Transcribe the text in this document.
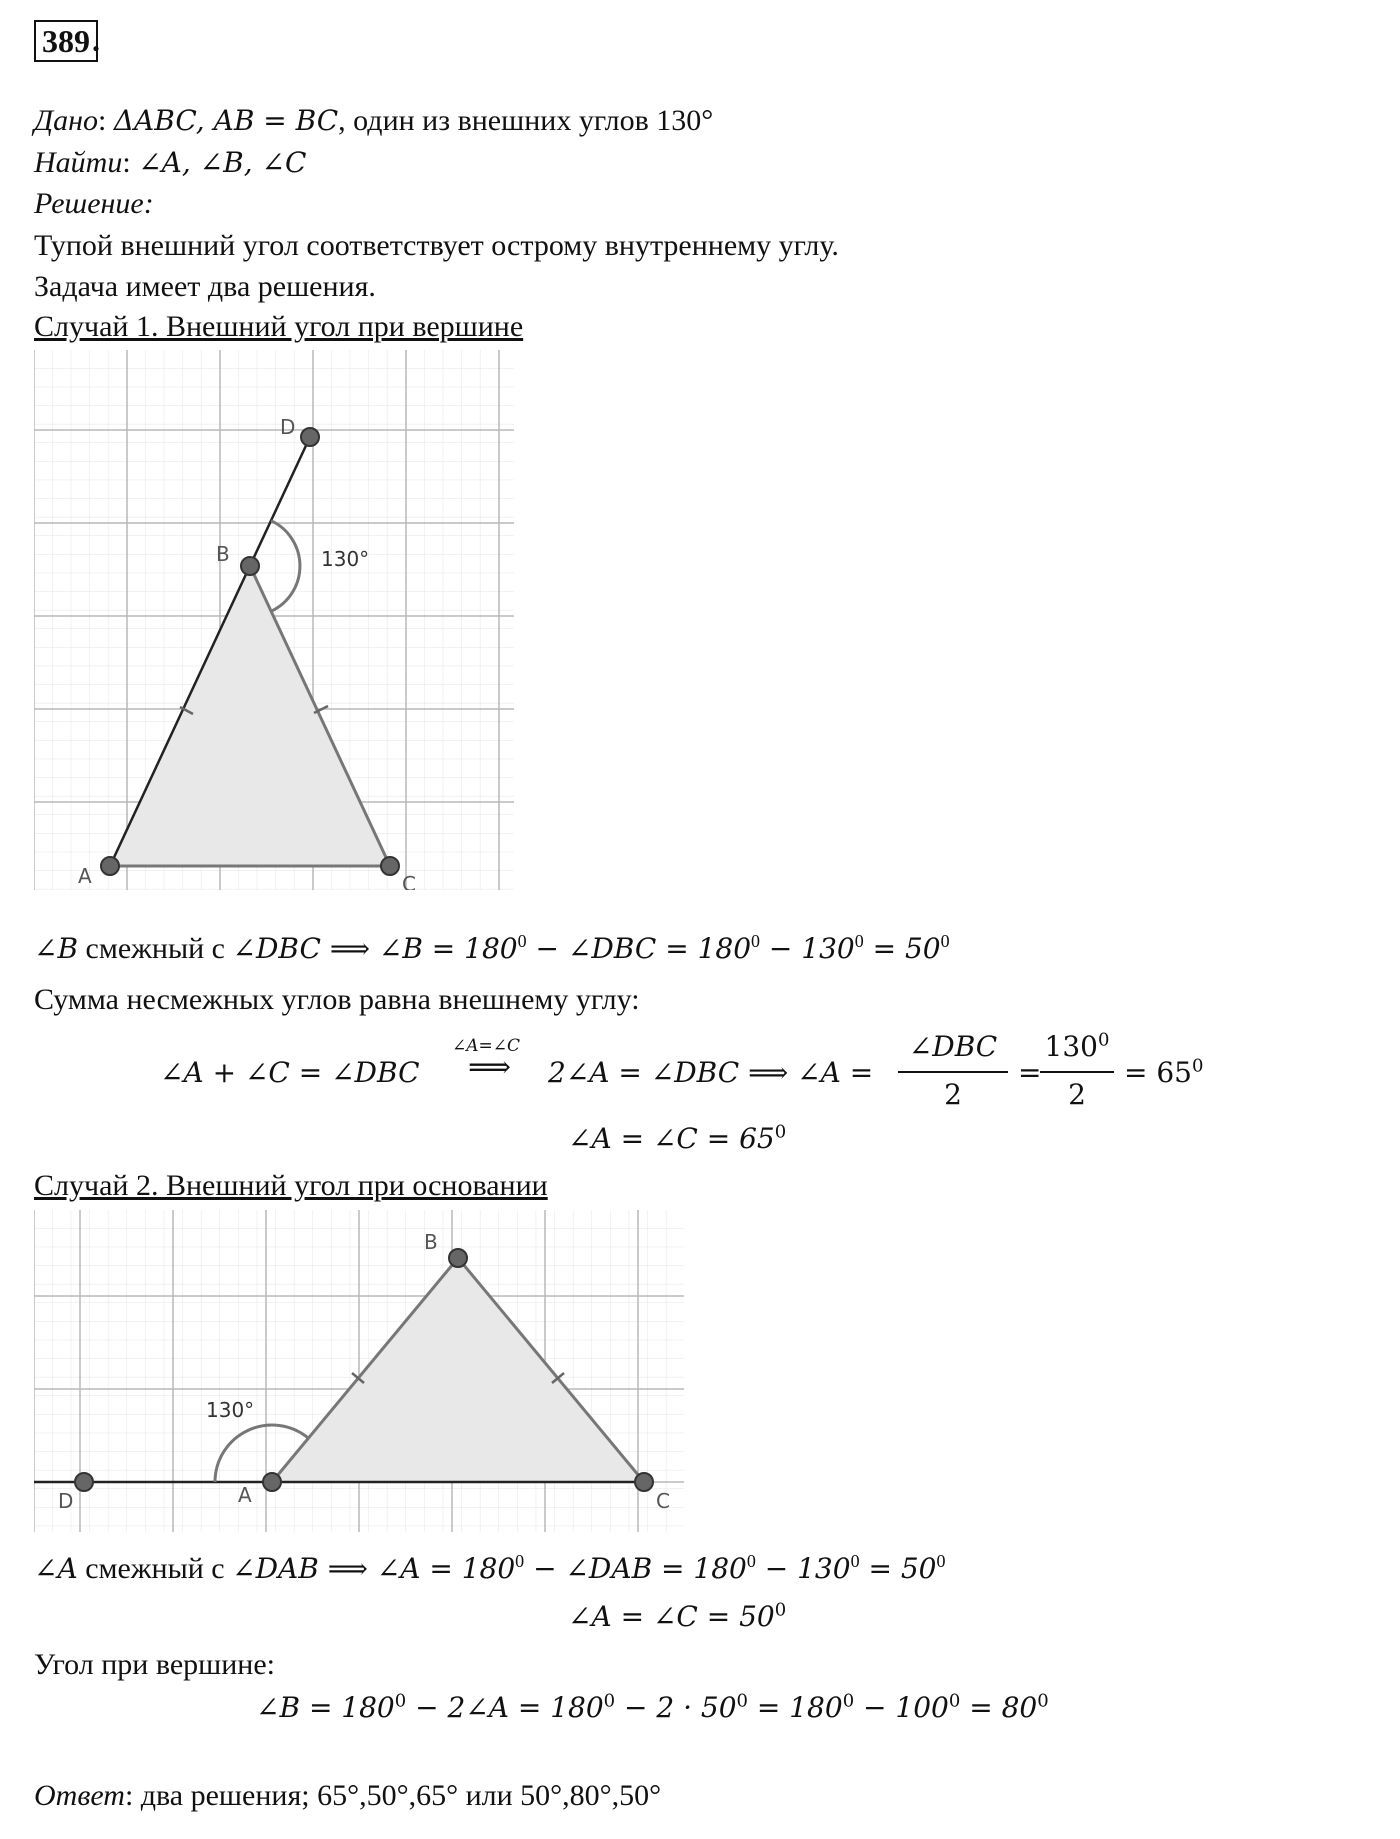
389 .
Дано: ΔABC, AB = BC, один из внешних углов 130°
Найти: ∠A, ∠B, ∠C
Решение:
Тупой внешний угол соответствует острому внутреннему углу.
Задача имеет два решения.
Случай 1. Внешний угол при вершине
130°
A
B
C
D
∠B смежный с ∠DBC ⟹ ∠B = $180^0$ − ∠DBC = $180^0 - 130^0 = 50^0$
Сумма несмежных углов равна внешнему углу:
∠A + ∠C = ∠DBC
∠A=∠C
⟹ 2∠A = ∠DBC ⟹ ∠A =
∠DBC
2
=
$130^0$
2
= $65^0$
∠A = ∠C = $65^0$
Случай 2. Внешний угол при основании
130°
A
B
C
D
∠A смежный с ∠DAB ⟹ ∠A = $180^0$ − ∠DAB = $180^0 - 130^0 = 50^0$
∠A = ∠C = $50^0$
Угол при вершине:
∠B = $180^0$ − 2∠A = $180^0 - 2 \cdot 50^0 = 180^0 - 100^0 = 80^0$
Ответ: два решения; 65°,50°,65° или 50°,80°,50°
